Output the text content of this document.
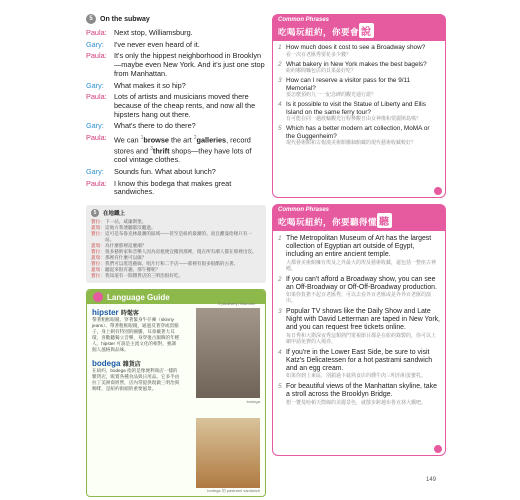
5	On the subway
Paula: Next stop, Williamsburg.
Gary:	I've never even heard of it.
Paula: It's only the hippest neighborhood in Brooklyn—maybe even New York. And it's just one stop from Manhattan.
Gary:	What makes it so hip?
Paula: Lots of artists and musicians moved there because of the cheap rents, and now all the hipsters hang out there.
Gary:	What's there to do there?
Paula: We can $^1$browse the art $^2$galleries, record stores and $^3$thrift shops—they have lots of cool vintage clothes.
Gary:	Sounds fun. What about lunch?
Paula: I know this bodega that makes great sandwiches.
5	在地鐵上
寶拉： 下一站，威廉斯堡。
蓋瑞： 這地方我連聽都沒聽過。
寶拉： 這可是布魯克林最潮的區域——甚至是紐約最潮的。而且離曼哈頓只有一站。
蓋瑞： 為什麼那裡這麼潮？
寶拉： 很多藝術家和音樂人因為房租便宜搬到那裡，現在所有潮人都在那裡出沒。
蓋瑞： 那裡有什麼可以做？
寶拉： 我們可以逛逛藝廊、唱片行和二手店——那裡有很多很酷的古著。
蓋瑞： 聽起來很有趣。那午餐呢？
寶拉： 我知道有一間雜貨店的三明治很好吃。
Language Guide
© pardmerry / flickr.com
hipster 時髦客
帶著粗框眼鏡、穿著緊身牛仔褲（skinny jeans）、帶著粗框眼鏡，通過反著穿或留鬍子，身上刺有特別的圖騰，耳垂戴著大耳環，喜歡聽獨立音樂，身穿復古服飾的年輕人。hipster 可說是主流文化的相對，強調個人風格與品味。
bodega 雜貨店
在紐約，bodega 指的是像便利商店一樣的雜貨店，販賣各種食品與日用品。它多半由拉丁美洲裔經營，店內常提供現做三明治與咖啡，是紐約街頭的重要風景。
bodega
bodega 的 pastrami sandwich
Common Phrases
吃喝玩紐約，你要會 說
1 How much does it cost to see a Broadway show?
看一次百老匯秀要花多少錢？
2 What bakery in New York makes the best bagels?
紐約哪間麵包店的貝果最好吃？
3 How can I reserve a visitor pass for the 9/11 Memorial?
要怎麼預約九一一紀念碑的觀光通行證？
4 Is it possible to visit the Statue of Liberty and Ellis Island on the same ferry tour?
有可能在同一趟渡輪觀光行程參觀自由女神像和愛麗斯島嗎？
5 Which has a better modern art collection, MoMA or the Guggenheim?
現代藝術館和古根漢美術館哪個館藏的現代藝術收藏較好？
Common Phrases
吃喝玩紐約，你要聽得懂 聽
1 The Metropolitan Museum of Art has the largest collection of Egyptian art outside of Egypt, including an entire ancient temple.
大都會美術館擁有埃及之外最大的埃及藝術收藏，還包括一整座古神殿。
2 If you can't afford a Broadway show, you can see an Off-Broadway or Off-Off-Broadway production.
如果你負擔不起百老匯秀，可以去看外百老匯或是外外百老匯的演出。
3 Popular TV shows like the Daily Show and Late Night with David Letterman are taped in New York, and you can request free tickets online.
每日秀和大衛深夜秀這類熱門電視節目都是在紐約錄製的，你可以上網申請免費的入場券。
4 If you're in the Lower East Side, be sure to visit Katz's Delicatessen for a hot pastrami sandwich and an egg cream.
如果你到上東區，別錯過卡茲熟食店的燻牛肉三明治和蛋蜜乳。
5 For beautiful views of the Manhattan skyline, take a stroll across the Brooklyn Bridge.
想一覽曼哈頓天際線的美麗景色，就散步跨越布魯克林大橋吧。
149
